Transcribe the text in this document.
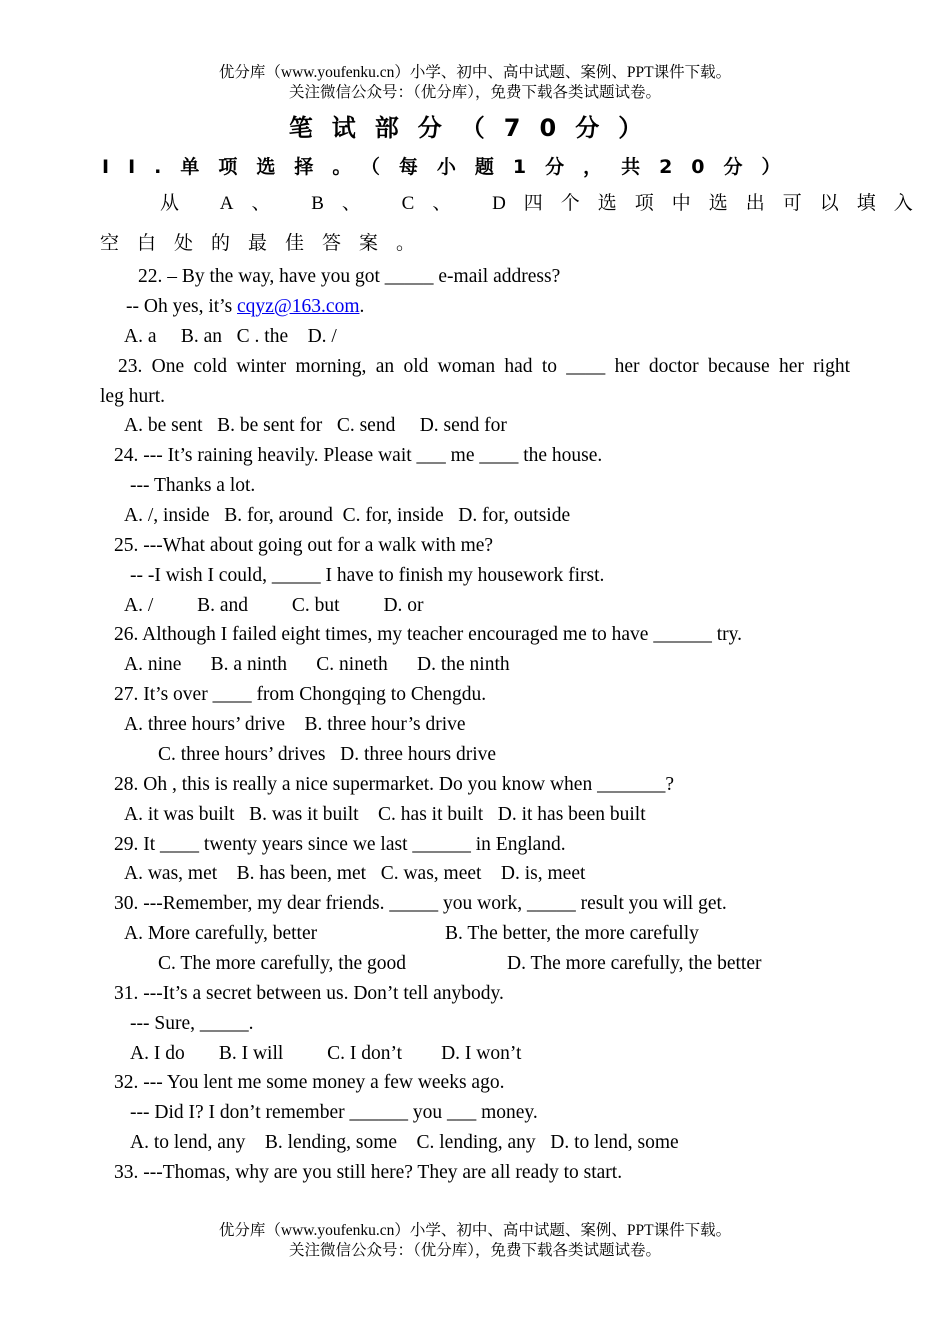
优分库（www.youfenku.cn）小学、初中、高中试题、案例、PPT课件下载。
关注微信公众号：（优分库），免费下载各类试题试卷。
笔试部分（70分）
II.单项选择。（每小题1分，共20分）
从 A、 B、 C、 D四个选项中选出可以填入
空白处的最佳答案。
22. – By the way, have you got _____ e-mail address?
-- Oh yes, it’s cqyz@163.com.
A. a     B. an   C . the    D. /
23. One cold winter morning, an old woman had to ____ her doctor because her right
leg hurt.
A. be sent   B. be sent for   C. send     D. send for
24. --- It’s raining heavily. Please wait ___ me ____ the house.
--- Thanks a lot.
A. /, inside   B. for, around  C. for, inside   D. for, outside
25. ---What about going out for a walk with me?
-- -I wish I could, _____ I have to finish my housework first.
A. /         B. and         C. but         D. or
26. Although I failed eight times, my teacher encouraged me to have ______ try.
A. nine      B. a ninth      C. nineth      D. the ninth
27. It’s over ____ from Chongqing to Chengdu.
A. three hours’ drive    B. three hour’s drive
C. three hours’ drives   D. three hours drive
28. Oh , this is really a nice supermarket. Do you know when _______?
A. it was built   B. was it built    C. has it built   D. it has been built
29. It ____ twenty years since we last ______ in England.
A. was, met    B. has been, met   C. was, meet    D. is, meet
30. ---Remember, my dear friends. _____ you work, _____ result you will get.
A. More carefully, better	B. The better, the more carefully
C. The more carefully, the good	D. The more carefully, the better
31. ---It’s a secret between us. Don’t tell anybody.
--- Sure, _____.
A. I do       B. I will         C. I don’t        D. I won’t
32. --- You lent me some money a few weeks ago.
--- Did I? I don’t remember ______ you ___ money.
A. to lend, any    B. lending, some    C. lending, any   D. to lend, some
33. ---Thomas, why are you still here? They are all ready to start.
优分库（www.youfenku.cn）小学、初中、高中试题、案例、PPT课件下载。
关注微信公众号：（优分库），免费下载各类试题试卷。
